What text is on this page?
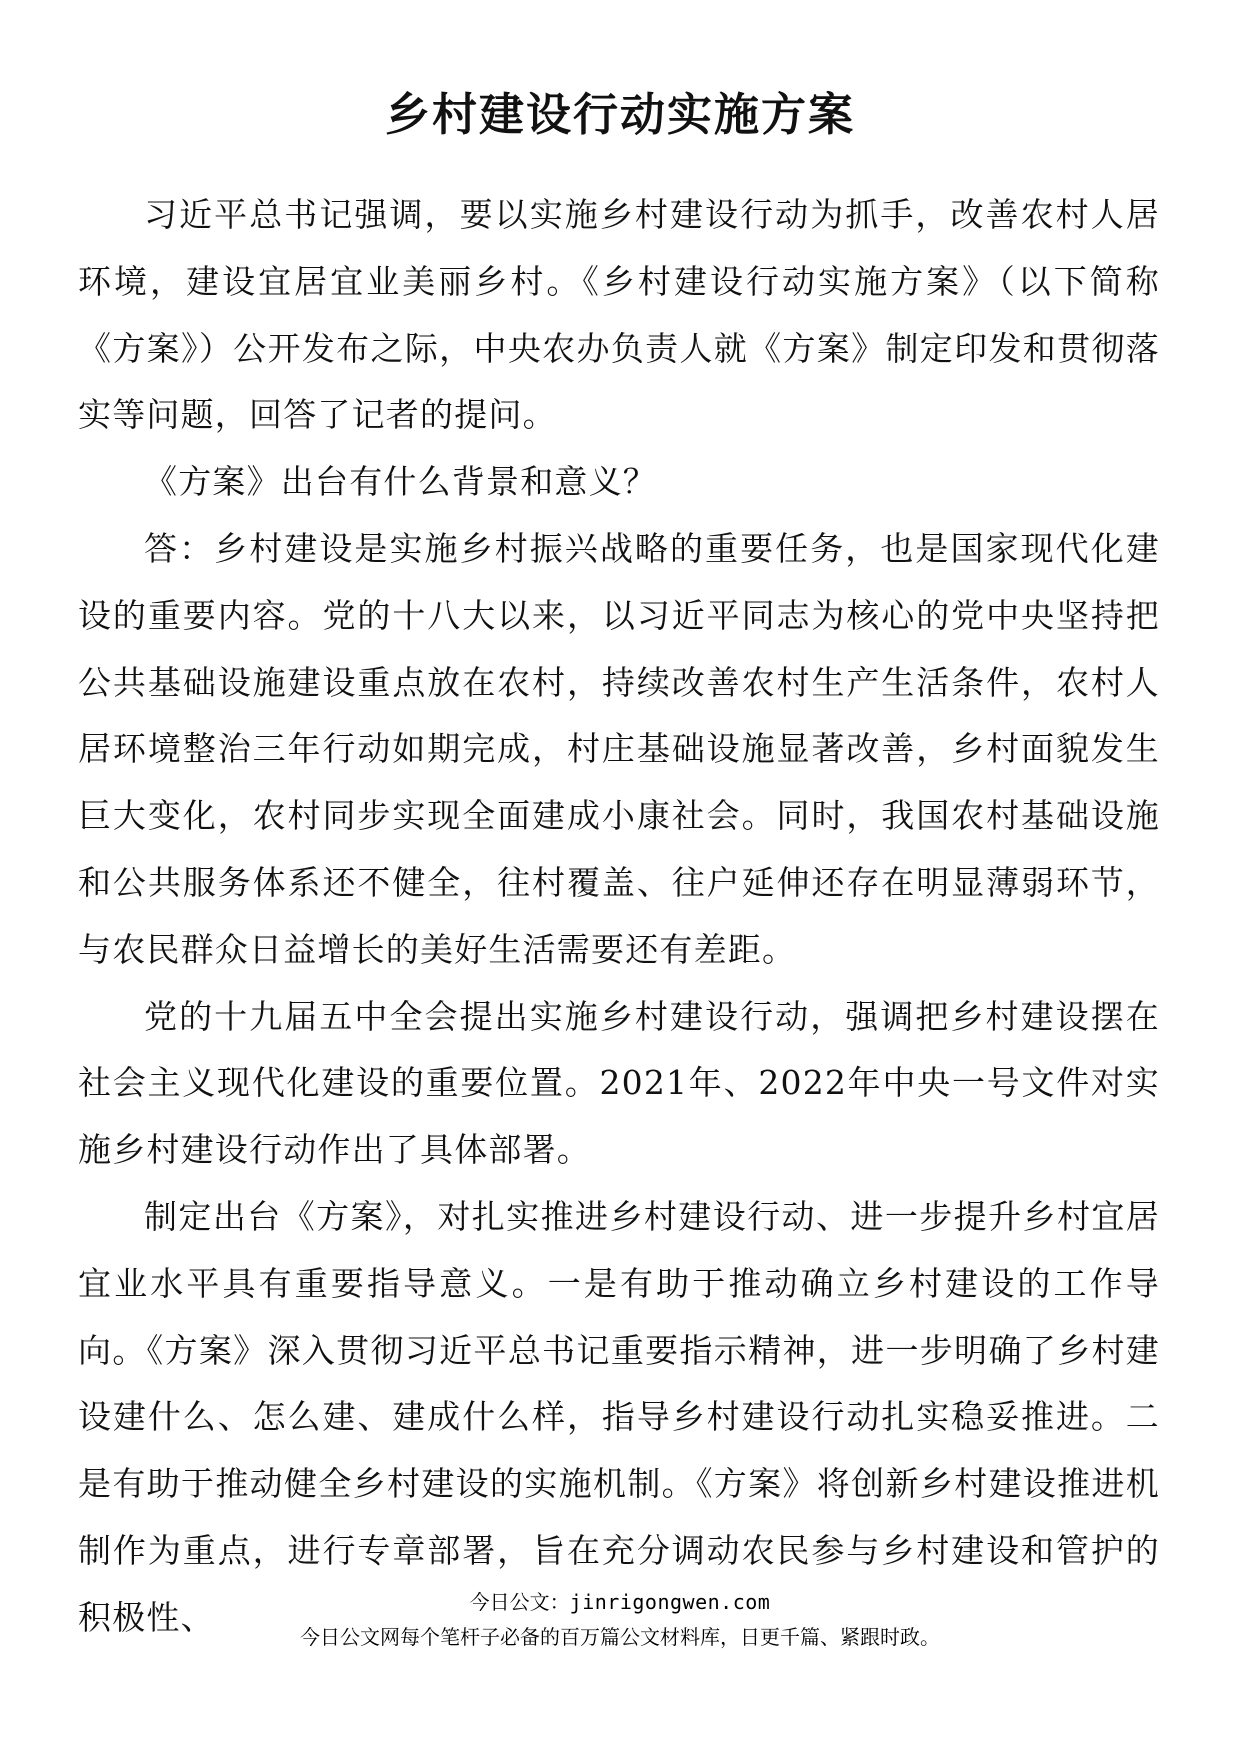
乡村建设行动实施方案

习近平总书记强调，要以实施乡村建设行动为抓手，改善农村人居环境，建设宜居宜业美丽乡村。《乡村建设行动实施方案》（以下简称《方案》）公开发布之际，中央农办负责人就《方案》制定印发和贯彻落实等问题，回答了记者的提问。

《方案》出台有什么背景和意义？

答：乡村建设是实施乡村振兴战略的重要任务，也是国家现代化建设的重要内容。党的十八大以来，以习近平同志为核心的党中央坚持把公共基础设施建设重点放在农村，持续改善农村生产生活条件，农村人居环境整治三年行动如期完成，村庄基础设施显著改善，乡村面貌发生巨大变化，农村同步实现全面建成小康社会。同时，我国农村基础设施和公共服务体系还不健全，往村覆盖、往户延伸还存在明显薄弱环节，与农民群众日益增长的美好生活需要还有差距。

党的十九届五中全会提出实施乡村建设行动，强调把乡村建设摆在社会主义现代化建设的重要位置。2021年、2022年中央一号文件对实施乡村建设行动作出了具体部署。

制定出台《方案》，对扎实推进乡村建设行动、进一步提升乡村宜居宜业水平具有重要指导意义。一是有助于推动确立乡村建设的工作导向。《方案》深入贯彻习近平总书记重要指示精神，进一步明确了乡村建设建什么、怎么建、建成什么样，指导乡村建设行动扎实稳妥推进。二是有助于推动健全乡村建设的实施机制。《方案》将创新乡村建设推进机制作为重点，进行专章部署，旨在充分调动农民参与乡村建设和管护的积极性、	今日公文：jinrigongwen.com
今日公文网每个笔杆子必备的百万篇公文材料库，日更千篇、紧跟时政。
